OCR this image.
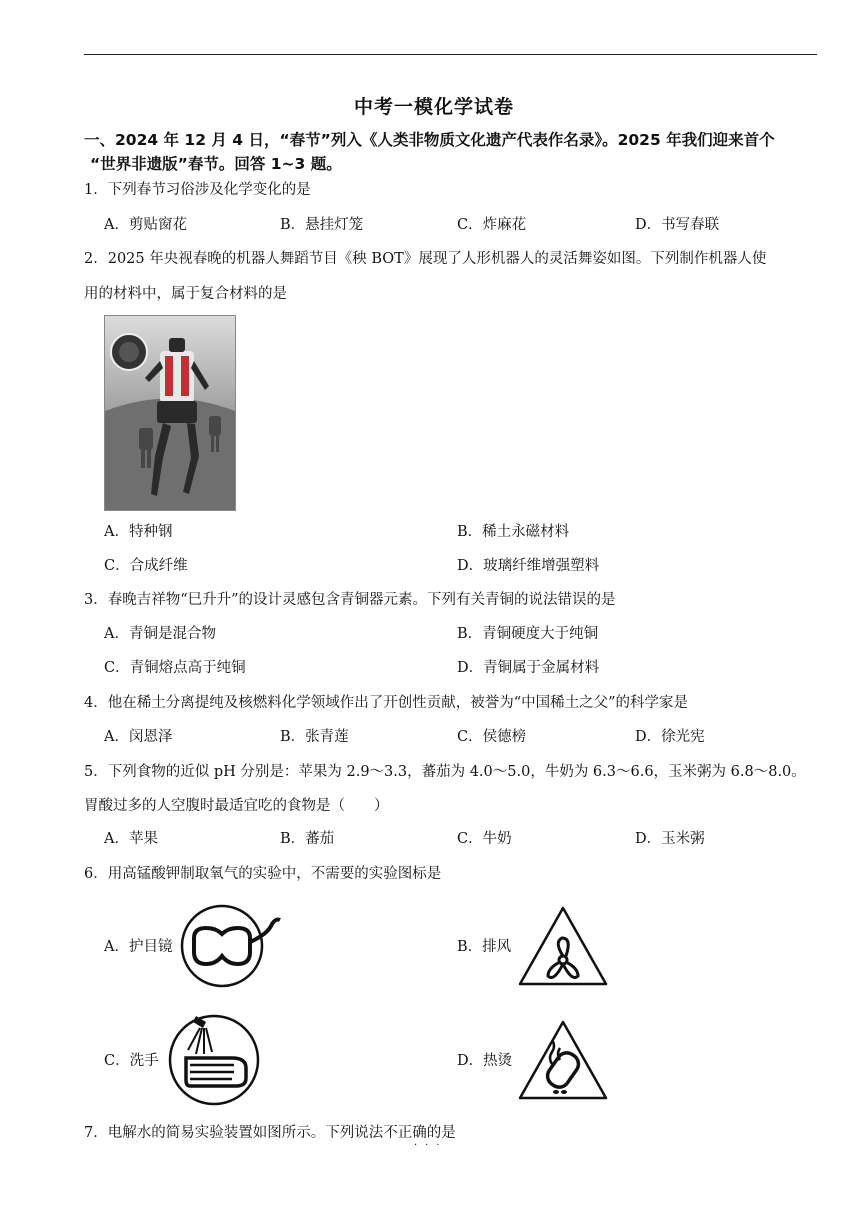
中考一模化学试卷
一、2024 年 12 月 4 日，“春节”列入《人类非物质文化遗产代表作名录》。2025 年我们迎来首个
“世界非遗版”春节。回答 1~3 题。
1．下列春节习俗涉及化学变化的是
A．剪贴窗花	B．悬挂灯笼	C．炸麻花	D．书写春联
2．2025 年央视春晚的机器人舞蹈节目《秧 BOT》展现了人形机器人的灵活舞姿如图。下列制作机器人使
用的材料中，属于复合材料的是
A．特种钢	B．稀土永磁材料
C．合成纤维	D．玻璃纤维增强塑料
3．春晚吉祥物“巳升升”的设计灵感包含青铜器元素。下列有关青铜的说法错误的是
A．青铜是混合物	B．青铜硬度大于纯铜
C．青铜熔点高于纯铜	D．青铜属于金属材料
4．他在稀土分离提纯及核燃料化学领域作出了开创性贡献，被誉为“中国稀土之父”的科学家是
A．闵恩泽	B．张青莲	C．侯德榜	D．徐光宪
5．下列食物的近似 pH 分别是：苹果为 2.9～3.3，蕃茄为 4.0～5.0，牛奶为 6.3～6.6，玉米粥为 6.8～8.0。
胃酸过多的人空腹时最适宜吃的食物是（　　）
A．苹果	B．蕃茄	C．牛奶	D．玉米粥
6．用高锰酸钾制取氧气的实验中，不需要的实验图标是
A．护目镜	B．排风
C．洗手	D．热烫
7．电解水的简易实验装置如图所示。下列说法不正确的是
···
